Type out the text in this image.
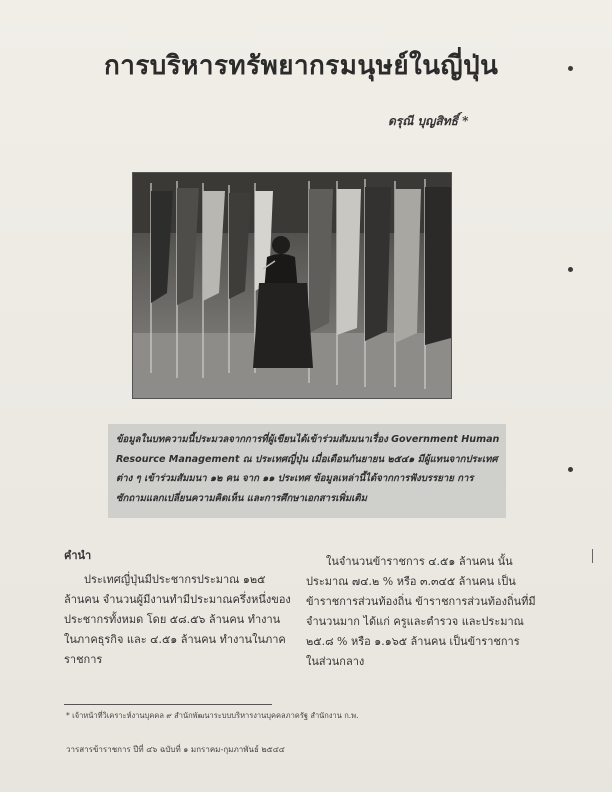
การบริหารทรัพยากรมนุษย์ในญี่ปุ่น
ดรุณี บุญสิทธิ์ *
ข้อมูลในบทความนี้ประมวลจากการที่ผู้เขียนได้เข้าร่วมสัมมนาเรื่อง Government Human
Resource Management ณ ประเทศญี่ปุ่น เมื่อเดือนกันยายน ๒๕๔๑ มีผู้แทนจากประเทศ
ต่าง ๆ เข้าร่วมสัมมนา ๑๒ คน จาก ๑๑ ประเทศ ข้อมูลเหล่านี้ได้จากการฟังบรรยาย การ
ซักถามแลกเปลี่ยนความคิดเห็น และการศึกษาเอกสารเพิ่มเติม
คำนำ
ประเทศญี่ปุ่นมีประชากรประมาณ ๑๒๕
ล้านคน จำนวนผู้มีงานทำมีประมาณครึ่งหนึ่งของ
ประชากรทั้งหมด โดย ๕๘.๕๖ ล้านคน ทำงาน
ในภาคธุรกิจ และ ๔.๕๑ ล้านคน ทำงานในภาค
ราชการ
ในจำนวนข้าราชการ ๔.๕๑ ล้านคน นั้น
ประมาณ ๗๔.๒ % หรือ ๓.๓๔๕ ล้านคน เป็น
ข้าราชการส่วนท้องถิ่น ข้าราชการส่วนท้องถิ่นที่มี
จำนวนมาก ได้แก่ ครูและตำรวจ และประมาณ
๒๕.๘ % หรือ ๑.๑๖๕ ล้านคน เป็นข้าราชการ
ในส่วนกลาง
* เจ้าหน้าที่วิเคราะห์งานบุคคล ๙ สำนักพัฒนาระบบบริหารงานบุคคลภาครัฐ สำนักงาน ก.พ.
วารสารข้าราชการ ปีที่ ๔๖ ฉบับที่ ๑ มกราคม-กุมภาพันธ์ ๒๕๔๔
